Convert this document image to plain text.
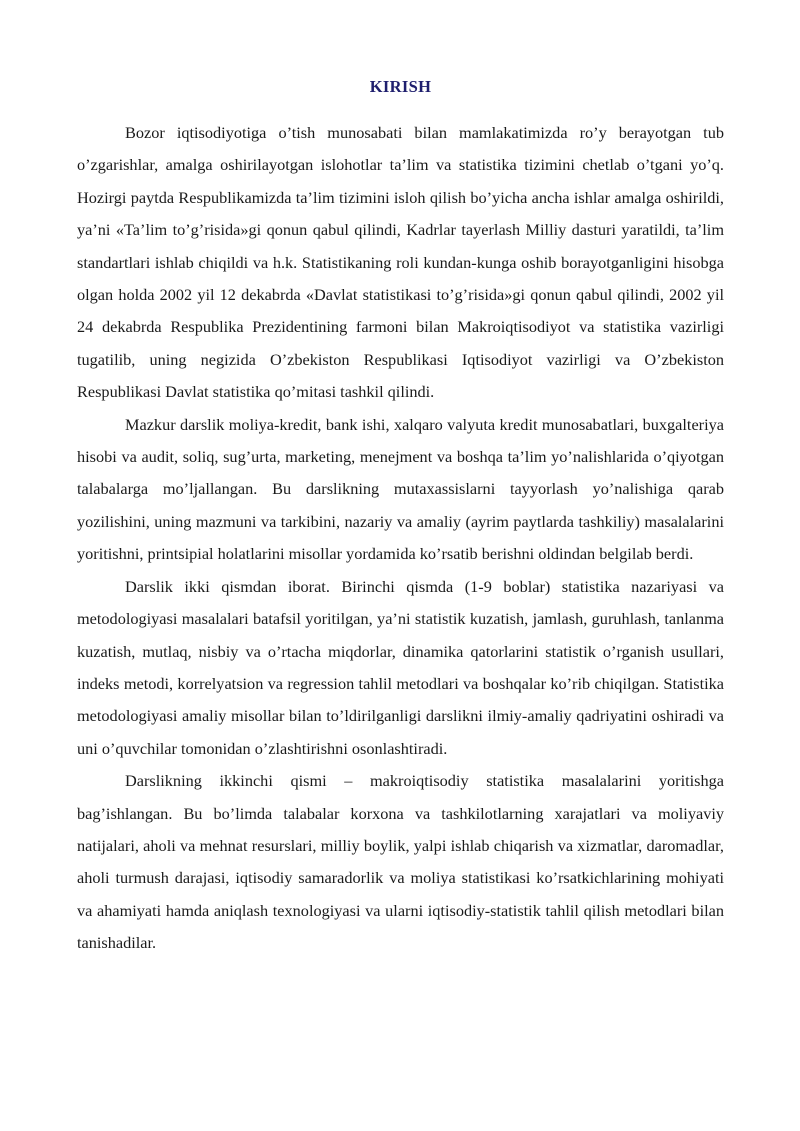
KIRISH

Bozor iqtisodiyotiga o’tish munosabati bilan mamlakatimizda ro’y berayotgan tub o’zgarishlar, amalga oshirilayotgan islohotlar ta’lim va statistika tizimini chetlab o’tgani yo’q. Hozirgi paytda Respublikamizda ta’lim tizimini isloh qilish bo’yicha ancha ishlar amalga oshirildi, ya’ni «Ta’lim to’g’risida»gi qonun qabul qilindi, Kadrlar tayerlash Milliy dasturi yaratildi, ta’lim standartlari ishlab chiqildi va h.k. Statistikaning roli kundan-kunga oshib borayotganligini hisobga olgan holda 2002 yil 12 dekabrda «Davlat statistikasi to’g’risida»gi qonun qabul qilindi, 2002 yil 24 dekabrda Respublika Prezidentining farmoni bilan Makroiqtisodiyot va statistika vazirligi tugatilib, uning negizida O’zbekiston Respublikasi Iqtisodiyot vazirligi va O’zbekiston Respublikasi Davlat statistika qo’mitasi tashkil qilindi.

Mazkur darslik moliya-kredit, bank ishi, xalqaro valyuta kredit munosabatlari, buxgalteriya hisobi va audit, soliq, sug’urta, marketing, menejment va boshqa ta’lim yo’nalishlarida o’qiyotgan talabalarga mo’ljallangan. Bu darslikning mutaxassislarni tayyorlash yo’nalishiga qarab yozilishini, uning mazmuni va tarkibini, nazariy va amaliy (ayrim paytlarda tashkiliy) masalalarini yoritishni, printsipial holatlarini misollar yordamida ko’rsatib berishni oldindan belgilab berdi.

Darslik ikki qismdan iborat. Birinchi qismda (1-9 boblar) statistika nazariyasi va metodologiyasi masalalari batafsil yoritilgan, ya’ni statistik kuzatish, jamlash, guruhlash, tanlanma kuzatish, mutlaq, nisbiy va o’rtacha miqdorlar, dinamika qatorlarini statistik o’rganish usullari, indeks metodi, korrelyatsion va regression tahlil metodlari va boshqalar ko’rib chiqilgan. Statistika metodologiyasi amaliy misollar bilan to’ldirilganligi darslikni ilmiy-amaliy qadriyatini oshiradi va uni o’quvchilar tomonidan o’zlashtirishni osonlashtiradi.

Darslikning ikkinchi qismi – makroiqtisodiy statistika masalalarini yoritishga bag’ishlangan. Bu bo’limda talabalar korxona va tashkilotlarning xarajatlari va moliyaviy natijalari, aholi va mehnat resurslari, milliy boylik, yalpi ishlab chiqarish va xizmatlar, daromadlar, aholi turmush darajasi, iqtisodiy samaradorlik va moliya statistikasi ko’rsatkichlarining mohiyati va ahamiyati hamda aniqlash texnologiyasi va ularni iqtisodiy-statistik tahlil qilish metodlari bilan tanishadilar.
